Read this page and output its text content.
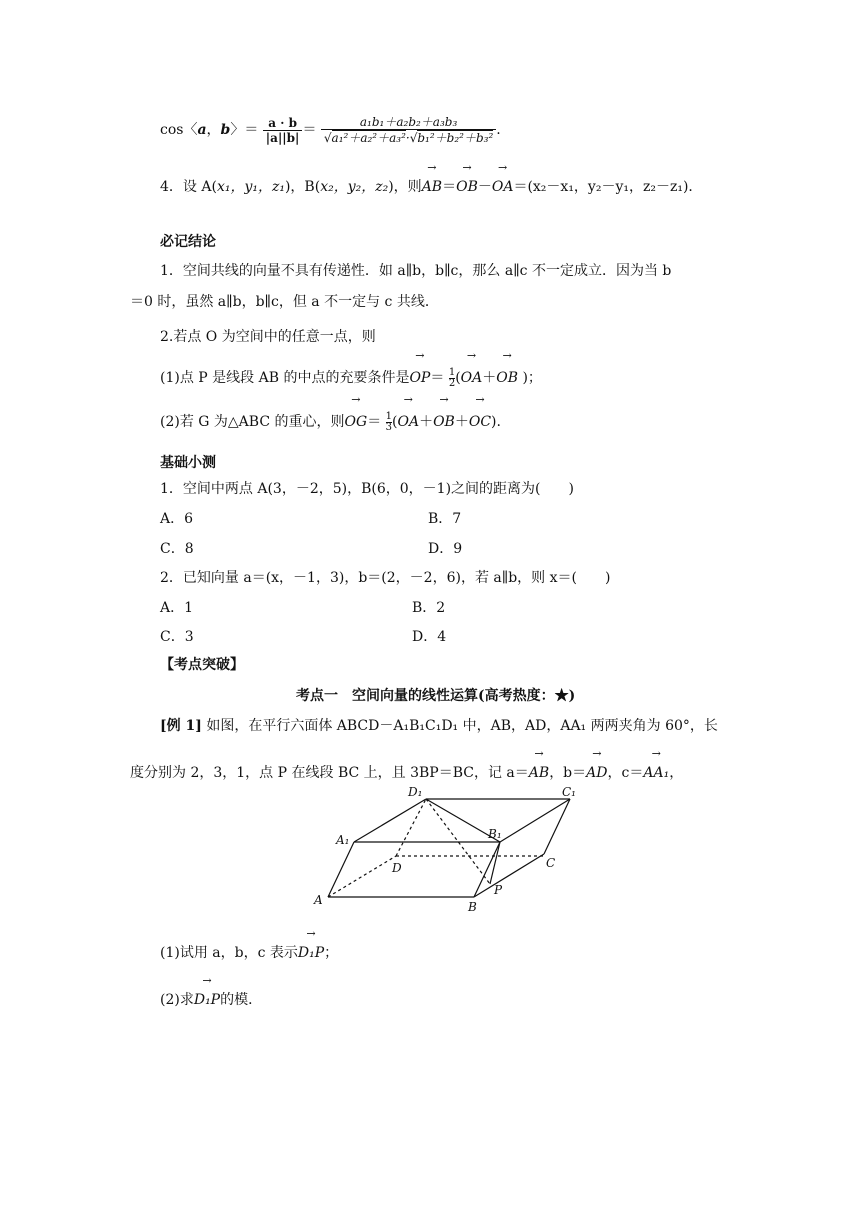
cos〈a，b〉＝ $\frac{a \cdot b}{|a||b|} = \frac{\text{a₁b₁＋a₂b₂＋a₃b₃}}{\text{√a₁²＋a₂²＋a₃²·√b₁²＋b₂²＋b₃²}}$ .
4．设 A(x₁，y₁，z₁)，B(x₂，y₂，z₂)，则
→
AB＝
→
OB－
→
OA＝(x₂－x₁，y₂－y₁，z₂－z₁)．
必记结论
1．空间共线的向量不具有传递性．如 a∥b，b∥c，那么 a∥c 不一定成立．因为当 b
＝0 时，虽然 a∥b，b∥c，但 a 不一定与 c 共线．
2.若点 O 为空间中的任意一点，则
(1)点 P 是线段 AB 的中点的充要条件是
→
$OP= \frac{1}{2}$ (
→
OA＋
→
OB )；
(2)若 G 为△ABC 的重心，则
→
$OG= \frac{1}{3}$ (
→
OA＋
→
OB＋
→
OC).
基础小测
1．空间中两点 A(3，－2，5)，B(6，0，－1)之间的距离为(　　)
A．6	B．7
C．8	D．9
2．已知向量 a＝(x，－1，3)，b＝(2，－2，6)，若 a∥b，则 x＝(　　)
A．1	B．2
C．3	D．4
【考点突破】
考点一　空间向量的线性运算(高考热度：★)
[例 1] 如图，在平行六面体 ABCD－A₁B₁C₁D₁ 中，AB，AD，AA₁ 两两夹角为 60°，长
度分别为 2，3，1，点 P 在线段 BC 上，且 3BP＝BC，记 a＝
→
AB，b＝
→
AD，c＝
→
AA₁，
A	B
C
D
A₁	B₁
C₁
D₁
P
(1)试用 a，b，c 表示
→
D₁P；
(2)求
→
D₁P的模．
